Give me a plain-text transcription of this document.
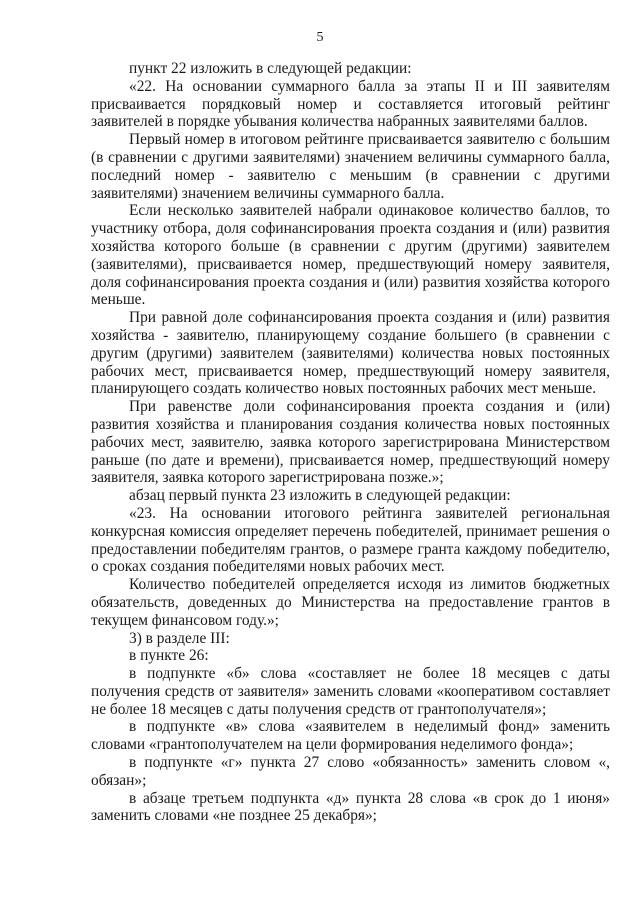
5

пункт 22 изложить в следующей редакции:

«22. На основании суммарного балла за этапы II и III заявителям присваивается порядковый номер и составляется итоговый рейтинг заявителей в порядке убывания количества набранных заявителями баллов.

Первый номер в итоговом рейтинге присваивается заявителю с большим (в сравнении с другими заявителями) значением величины суммарного балла, последний номер - заявителю с меньшим (в сравнении с другими заявителями) значением величины суммарного балла.

Если несколько заявителей набрали одинаковое количество баллов, то участнику отбора, доля софинансирования проекта создания и (или) развития хозяйства которого больше (в сравнении с другим (другими) заявителем (заявителями), присваивается номер, предшествующий номеру заявителя, доля софинансирования проекта создания и (или) развития хозяйства которого меньше.

При равной доле софинансирования проекта создания и (или) развития хозяйства - заявителю, планирующему создание большего (в сравнении с другим (другими) заявителем (заявителями) количества новых постоянных рабочих мест, присваивается номер, предшествующий номеру заявителя, планирующего создать количество новых постоянных рабочих мест меньше.

При равенстве доли софинансирования проекта создания и (или) развития хозяйства и планирования создания количества новых постоянных рабочих мест, заявителю, заявка которого зарегистрирована Министерством раньше (по дате и времени), присваивается номер, предшествующий номеру заявителя, заявка которого зарегистрирована позже.»;

абзац первый пункта 23 изложить в следующей редакции:

«23. На основании итогового рейтинга заявителей региональная конкурсная комиссия определяет перечень победителей, принимает решения о предоставлении победителям грантов, о размере гранта каждому победителю, о сроках создания победителями новых рабочих мест.

Количество победителей определяется исходя из лимитов бюджетных обязательств, доведенных до Министерства на предоставление грантов в текущем финансовом году.»;

3) в разделе III:

в пункте 26:

в подпункте «б» слова «составляет не более 18 месяцев с даты получения средств от заявителя» заменить словами «кооперативом составляет не более 18 месяцев с даты получения средств от грантополучателя»;

в подпункте «в» слова «заявителем в неделимый фонд» заменить словами «грантополучателем на цели формирования неделимого фонда»;

в подпункте «г» пункта 27 слово «обязанность» заменить словом «, обязан»;

в абзаце третьем подпункта «д» пункта 28 слова «в срок до 1 июня» заменить словами «не позднее 25 декабря»;
